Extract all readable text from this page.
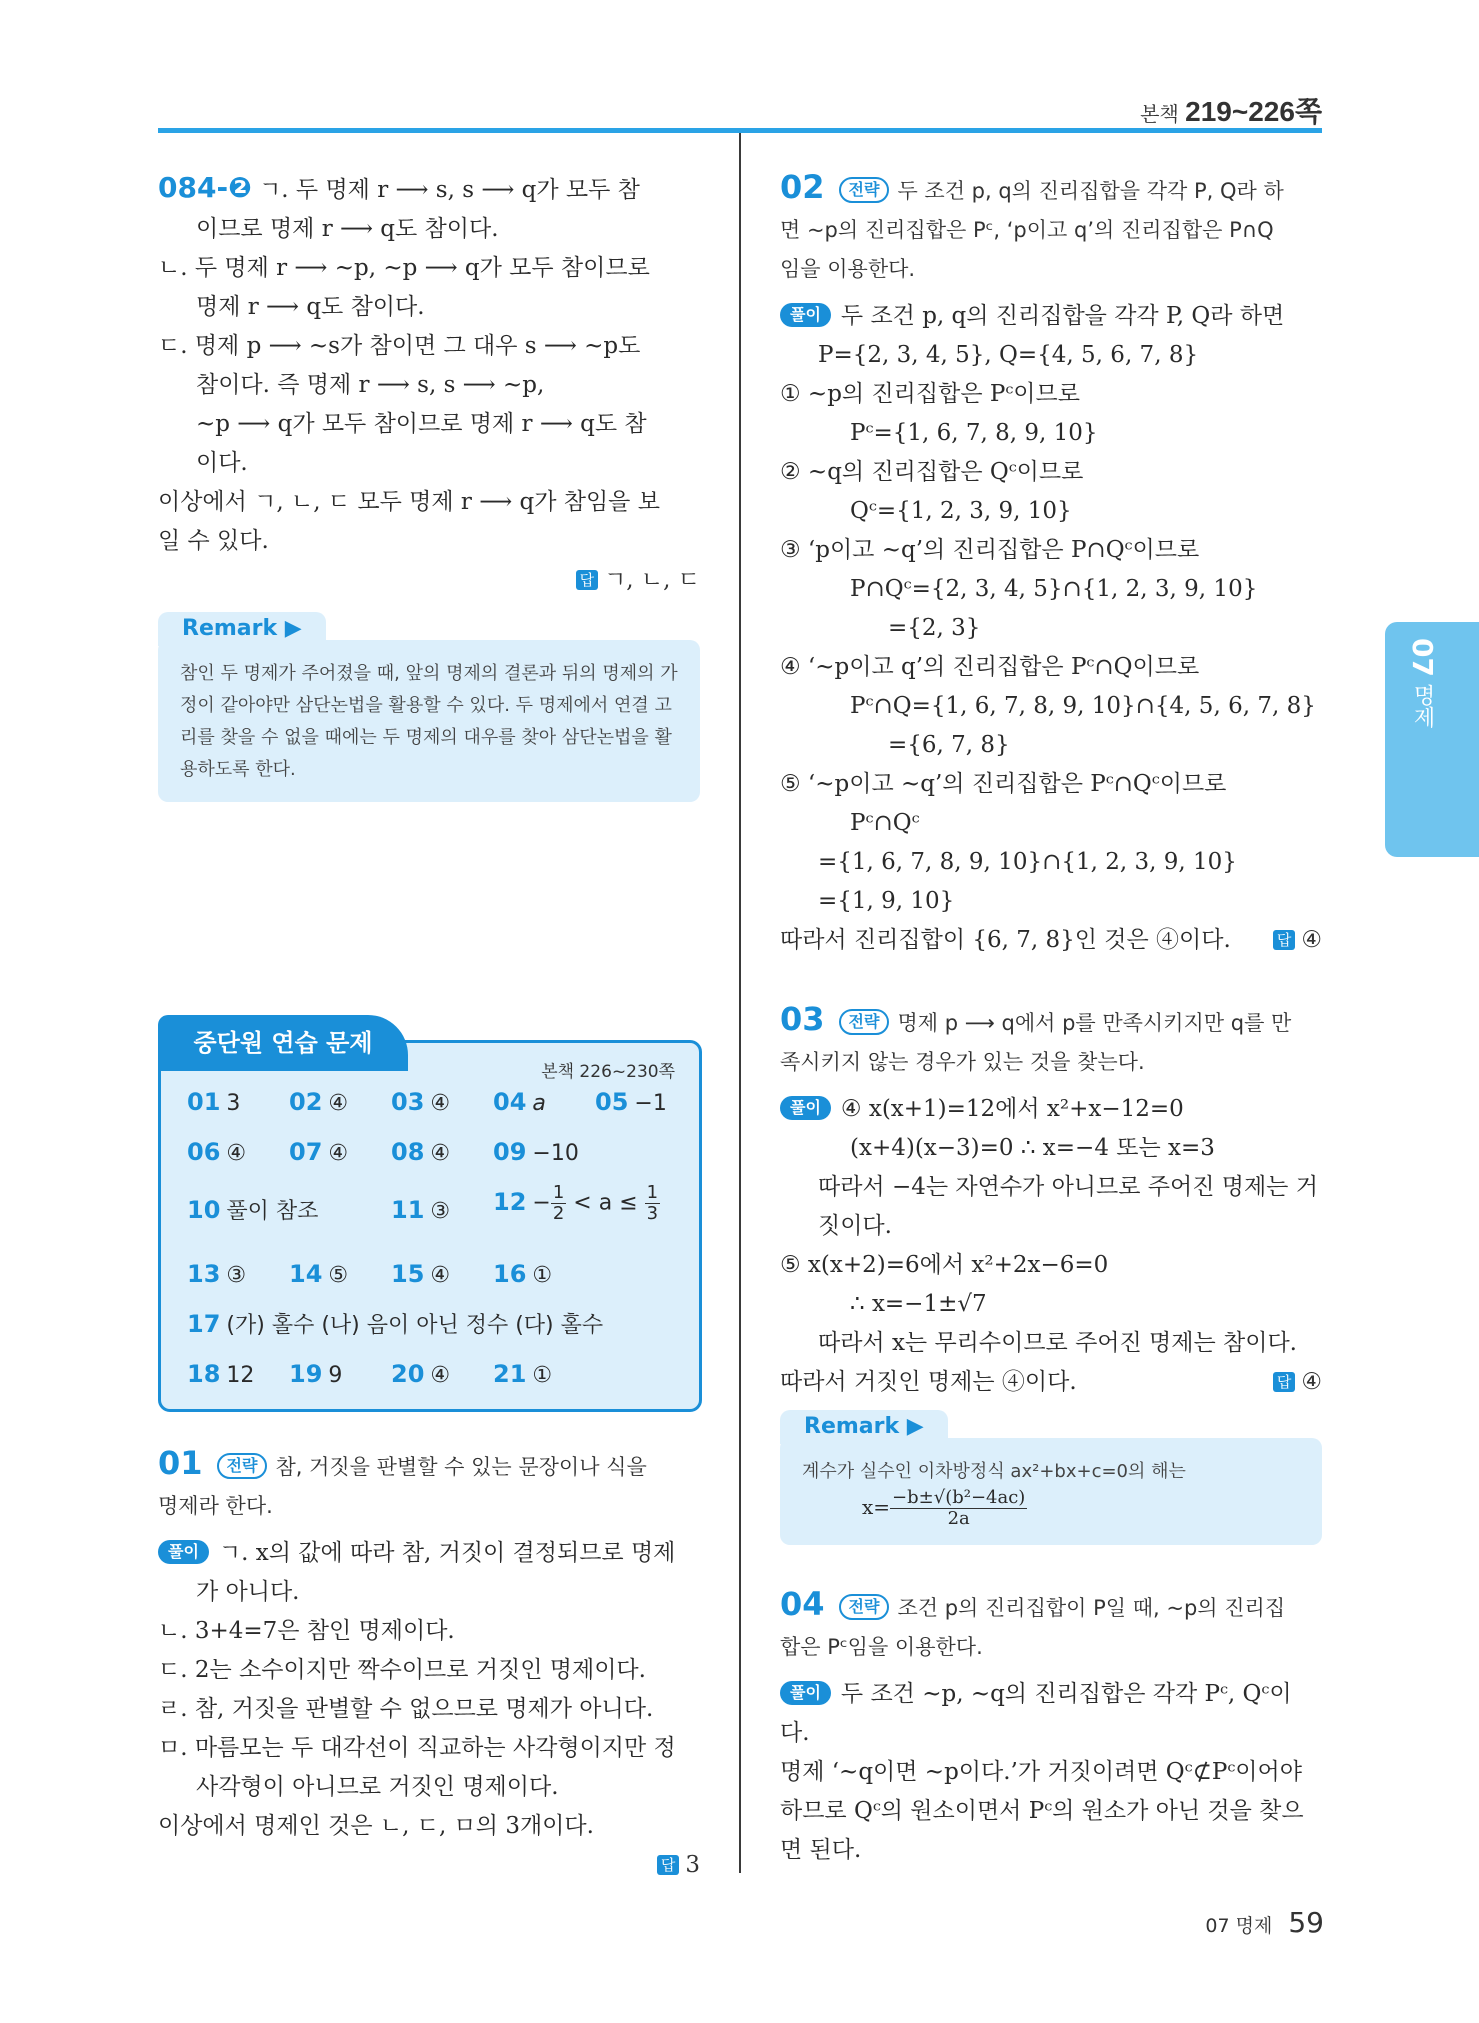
본책 219~226쪽
07 명제

084-❷ ㄱ. 두 명제 r ⟶ s, s ⟶ q가 모두 참

이므로 명제 r ⟶ q도 참이다.

ㄴ. 두 명제 r ⟶ ~p, ~p ⟶ q가 모두 참이므로

명제 r ⟶ q도 참이다.

ㄷ. 명제 p ⟶ ~s가 참이면 그 대우 s ⟶ ~p도

참이다. 즉 명제 r ⟶ s, s ⟶ ~p,

~p ⟶ q가 모두 참이므로 명제 r ⟶ q도 참

이다.

이상에서 ㄱ, ㄴ, ㄷ 모두 명제 r ⟶ q가 참임을 보

일 수 있다.

답 ㄱ, ㄴ, ㄷ

Remark ▶
참인 두 명제가 주어졌을 때, 앞의 명제의 결론과 뒤의 명제의 가정이 같아야만 삼단논법을 활용할 수 있다. 두 명제에서 연결 고리를 찾을 수 없을 때에는 두 명제의 대우를 찾아 삼단논법을 활용하도록 한다.
중단원 연습 문제
본책 226~230쪽
01 3 02 ④ 03 ④ 04 a 05 −1
06 ④ 07 ④ 08 ④ 09 −10
10 풀이 참조	11 ③ $12 - \frac{1}{2} < a \le \frac{1}{3}$
13 ③ 14 ⑤ 15 ④ 16 ①
17 (가) 홀수 (나) 음이 아닌 정수 (다) 홀수
18 12 19 9 20 ④ 21 ①

01 전략 참, 거짓을 판별할 수 있는 문장이나 식을

명제라 한다.

풀이 ㄱ. x의 값에 따라 참, 거짓이 결정되므로 명제

가 아니다.

ㄴ. 3+4=7은 참인 명제이다.

ㄷ. 2는 소수이지만 짝수이므로 거짓인 명제이다.

ㄹ. 참, 거짓을 판별할 수 없으므로 명제가 아니다.

ㅁ. 마름모는 두 대각선이 직교하는 사각형이지만 정

사각형이 아니므로 거짓인 명제이다.

이상에서 명제인 것은 ㄴ, ㄷ, ㅁ의 3개이다.

답 3

02 전략 두 조건 p, q의 진리집합을 각각 P, Q라 하

면 ~p의 진리집합은 Pᶜ, ‘p이고 q’의 진리집합은 P∩Q

임을 이용한다.

풀이 두 조건 p, q의 진리집합을 각각 P, Q라 하면

P={2, 3, 4, 5}, Q={4, 5, 6, 7, 8}

① ~p의 진리집합은 Pᶜ이므로

Pᶜ={1, 6, 7, 8, 9, 10}

② ~q의 진리집합은 Qᶜ이므로

Qᶜ={1, 2, 3, 9, 10}

③ ‘p이고 ~q’의 진리집합은 P∩Qᶜ이므로

P∩Qᶜ={2, 3, 4, 5}∩{1, 2, 3, 9, 10}

={2, 3}

④ ‘~p이고 q’의 진리집합은 Pᶜ∩Q이므로

Pᶜ∩Q={1, 6, 7, 8, 9, 10}∩{4, 5, 6, 7, 8}

={6, 7, 8}

⑤ ‘~p이고 ~q’의 진리집합은 Pᶜ∩Qᶜ이므로

Pᶜ∩Qᶜ

={1, 6, 7, 8, 9, 10}∩{1, 2, 3, 9, 10}

={1, 9, 10}

따라서 진리집합이 {6, 7, 8}인 것은 ④이다.	답 ④

03 전략 명제 p ⟶ q에서 p를 만족시키지만 q를 만

족시키지 않는 경우가 있는 것을 찾는다.

풀이 ④ x(x+1)=12에서 x²+x−12=0

(x+4)(x−3)=0 ∴ x=−4 또는 x=3

따라서 −4는 자연수가 아니므로 주어진 명제는 거

짓이다.

⑤ x(x+2)=6에서 x²+2x−6=0

∴ x=−1±√7

따라서 x는 무리수이므로 주어진 명제는 참이다.

따라서 거짓인 명제는 ④이다.	답 ④

Remark ▶
계수가 실수인 이차방정식 ax²+bx+c=0의 해는
$x= \frac{\text{−b±√(b²−4ac)}}{2a}$

04 전략 조건 p의 진리집합이 P일 때, ~p의 진리집

합은 Pᶜ임을 이용한다.

풀이 두 조건 ~p, ~q의 진리집합은 각각 Pᶜ, Qᶜ이

다.

명제 ‘~q이면 ~p이다.’가 거짓이려면 Qᶜ⊄Pᶜ이어야

하므로 Qᶜ의 원소이면서 Pᶜ의 원소가 아닌 것을 찾으

면 된다.

07 명제 59
